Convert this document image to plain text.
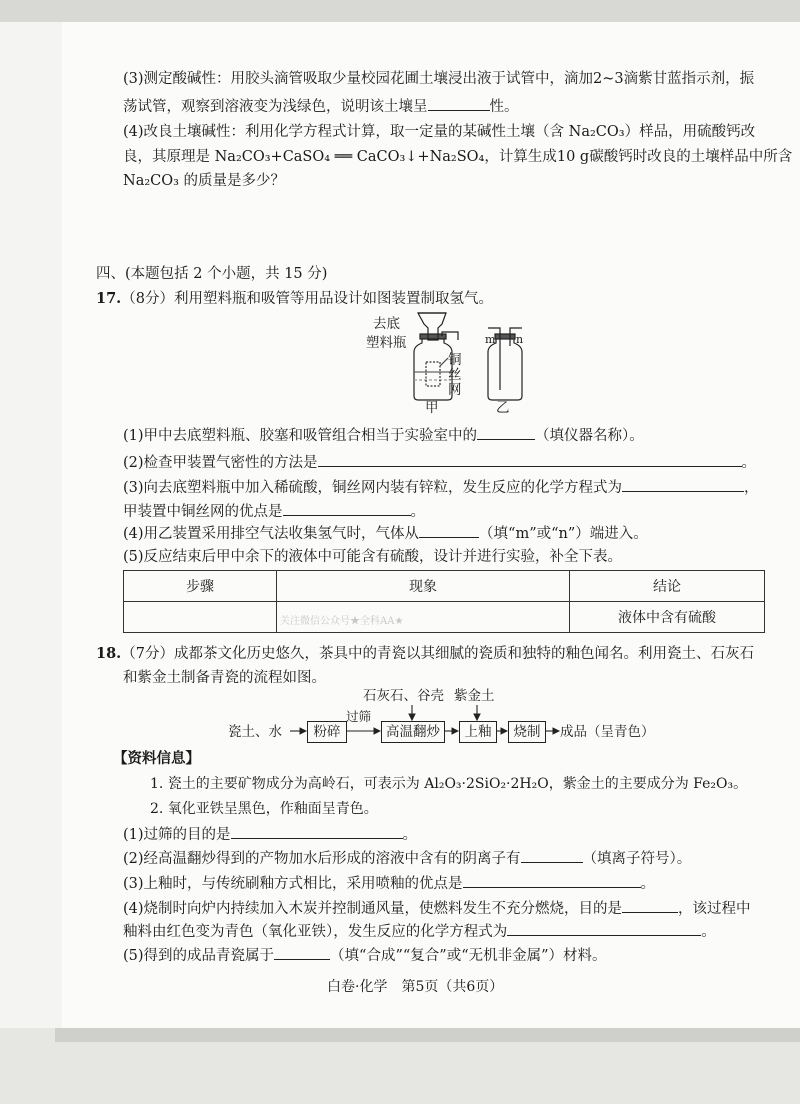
(3)测定酸碱性：用胶头滴管吸取少量校园花圃土壤浸出液于试管中，滴加2~3滴紫甘蓝指示剂，振
荡试管，观察到溶液变为浅绿色，说明该土壤呈	性。
(4)改良土壤碱性：利用化学方程式计算，取一定量的某碱性土壤（含 Na₂CO₃）样品，用硫酸钙改
良，其原理是 Na₂CO₃+CaSO₄ ══ CaCO₃↓+Na₂SO₄，计算生成10 g碳酸钙时改良的土壤样品中所含
Na₂CO₃ 的质量是多少？
四、(本题包括 2 个小题，共 15 分)
17.（8分）利用塑料瓶和吸管等用品设计如图装置制取氢气。
去底
塑料瓶
铜
丝
网
甲	乙
m n
(1)甲中去底塑料瓶、胶塞和吸管组合相当于实验室中的	（填仪器名称）。
(2)检查甲装置气密性的方法是	。
(3)向去底塑料瓶中加入稀硫酸，铜丝网内装有锌粒，发生反应的化学方程式为	，
甲装置中铜丝网的优点是	。
(4)用乙装置采用排空气法收集氢气时，气体从	（填“m”或“n”）端进入。
(5)反应结束后甲中余下的液体中可能含有硫酸，设计并进行实验，补全下表。
步骤	现象	结论
		液体中含有硫酸
关注微信公众号★全科AA★
18.（7分）成都茶文化历史悠久，茶具中的青瓷以其细腻的瓷质和独特的釉色闻名。利用瓷土、石灰石
和紫金土制备青瓷的流程如图。
石灰石、谷壳 紫金土
瓷土、水	粉碎
过筛
高温翻炒	上釉	烧制	成品（呈青色）
【资料信息】
1. 瓷土的主要矿物成分为高岭石，可表示为 Al₂O₃·2SiO₂·2H₂O，紫金土的主要成分为 Fe₂O₃。
2. 氧化亚铁呈黑色，作釉面呈青色。
(1)过筛的目的是	。
(2)经高温翻炒得到的产物加水后形成的溶液中含有的阴离子有	（填离子符号）。
(3)上釉时，与传统刷釉方式相比，采用喷釉的优点是	。
(4)烧制时向炉内持续加入木炭并控制通风量，使燃料发生不充分燃烧，目的是	，该过程中
釉料由红色变为青色（氧化亚铁），发生反应的化学方程式为	。
(5)得到的成品青瓷属于	（填“合成”“复合”或“无机非金属”）材料。
白卷·化学　第5页（共6页）
